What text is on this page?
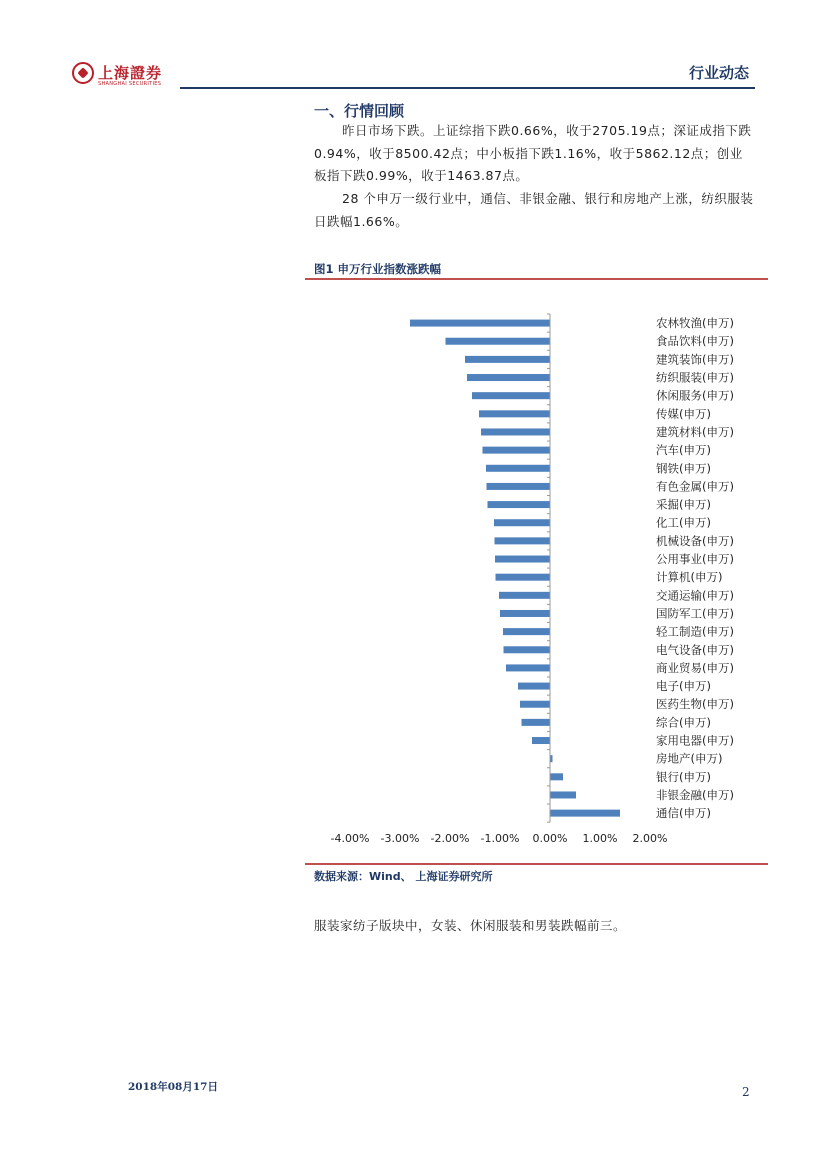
上海證券
SHANGHAI SECURITIES
行业动态
一、行情回顾
昨日市场下跌。上证综指下跌0.66%，收于2705.19点；深证成指下跌0.94%，收于8500.42点；中小板指下跌1.16%，收于5862.12点；创业板指下跌0.99%，收于1463.87点。
28 个申万一级行业中，通信、非银金融、银行和房地产上涨，纺织服装日跌幅1.66%。
图1 申万行业指数涨跌幅
农林牧渔(申万)
食品饮料(申万)
建筑装饰(申万)
纺织服装(申万)
休闲服务(申万)
传媒(申万)
建筑材料(申万)
汽车(申万)
钢铁(申万)
有色金属(申万)
采掘(申万)
化工(申万)
机械设备(申万)
公用事业(申万)
计算机(申万)
交通运输(申万)
国防军工(申万)
轻工制造(申万)
电气设备(申万)
商业贸易(申万)
电子(申万)
医药生物(申万)
综合(申万)
家用电器(申万)
房地产(申万)
银行(申万)
非银金融(申万)
通信(申万)
-4.00% -3.00% -2.00% -1.00% 0.00% 1.00% 2.00%
数据来源：Wind、 上海证券研究所
服装家纺子版块中，女装、休闲服装和男装跌幅前三。
2018年08月17日	2
